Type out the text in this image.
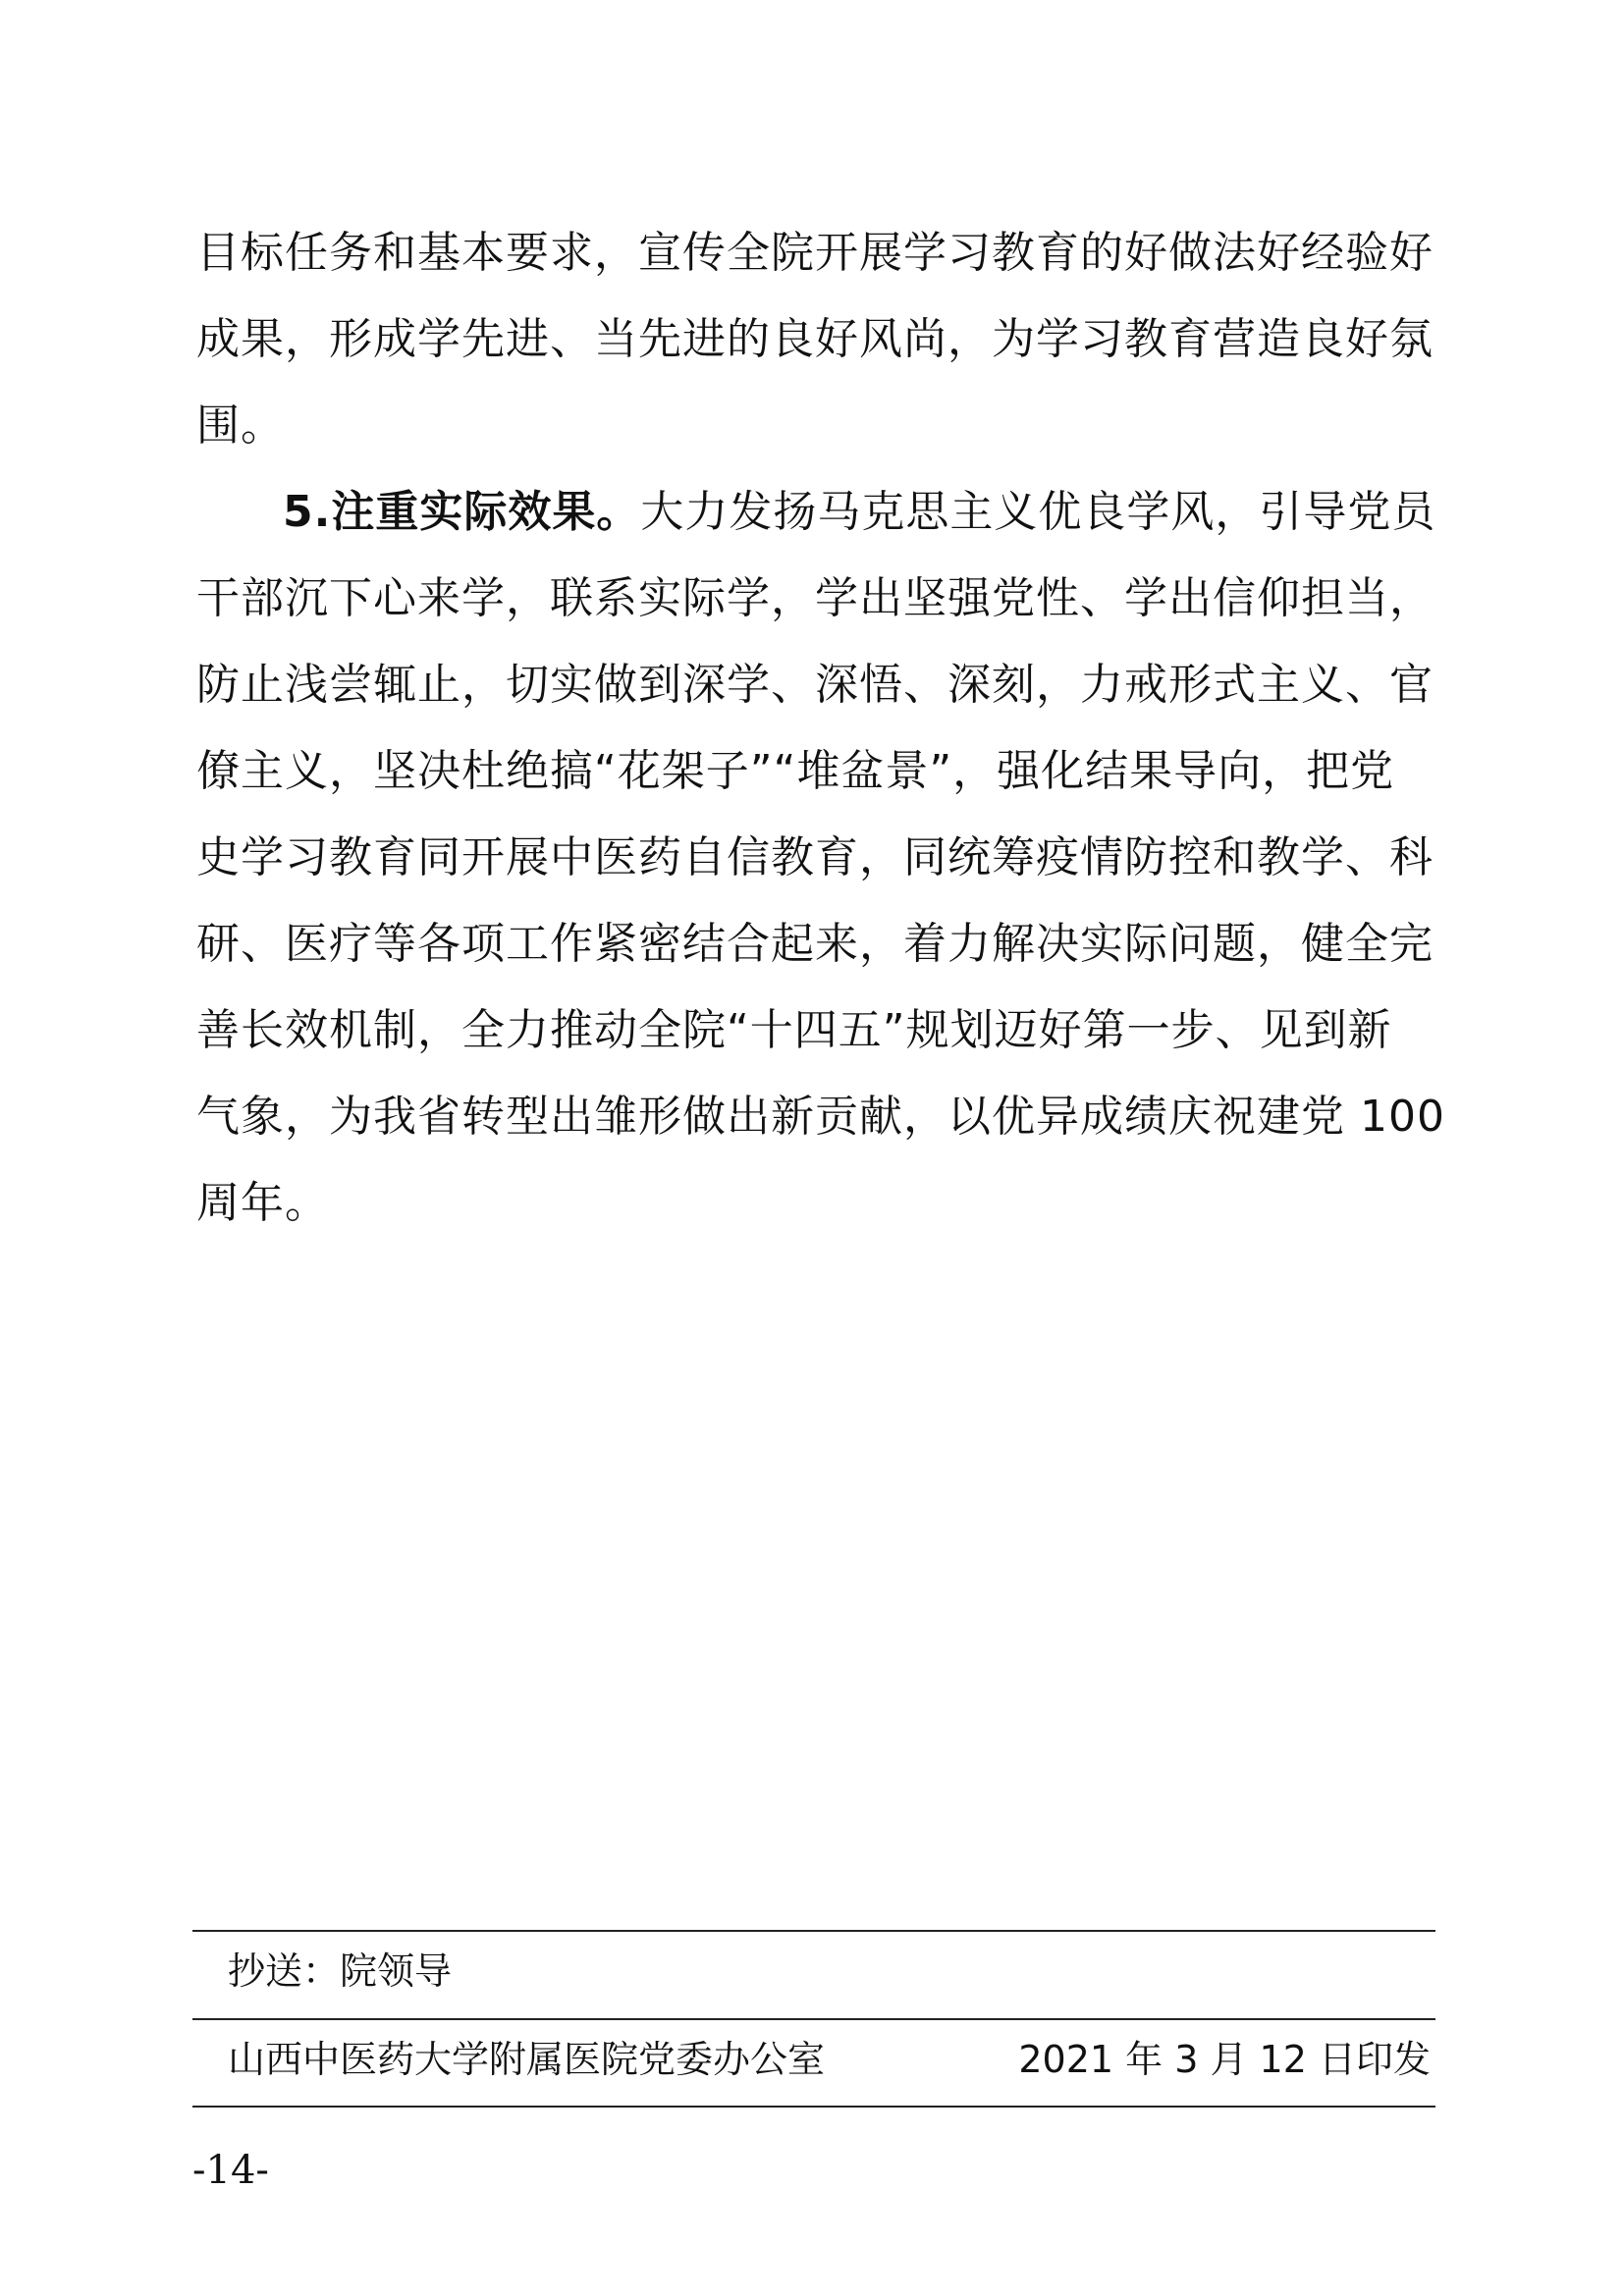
目标任务和基本要求，宣传全院开展学习教育的好做法好经验好
成果，形成学先进、当先进的良好风尚，为学习教育营造良好氛
围。
5.注重实际效果。大力发扬马克思主义优良学风，引导党员
干部沉下心来学，联系实际学，学出坚强党性、学出信仰担当，
防止浅尝辄止，切实做到深学、深悟、深刻，力戒形式主义、官
僚主义，坚决杜绝搞“花架子”“堆盆景”，强化结果导向，把党
史学习教育同开展中医药自信教育，同统筹疫情防控和教学、科
研、医疗等各项工作紧密结合起来，着力解决实际问题，健全完
善长效机制，全力推动全院“十四五”规划迈好第一步、见到新
气象，为我省转型出雏形做出新贡献，以优异成绩庆祝建党 100
周年。
抄送：院领导
山西中医药大学附属医院党委办公室	2021 年 3 月 12 日印发
-14-
